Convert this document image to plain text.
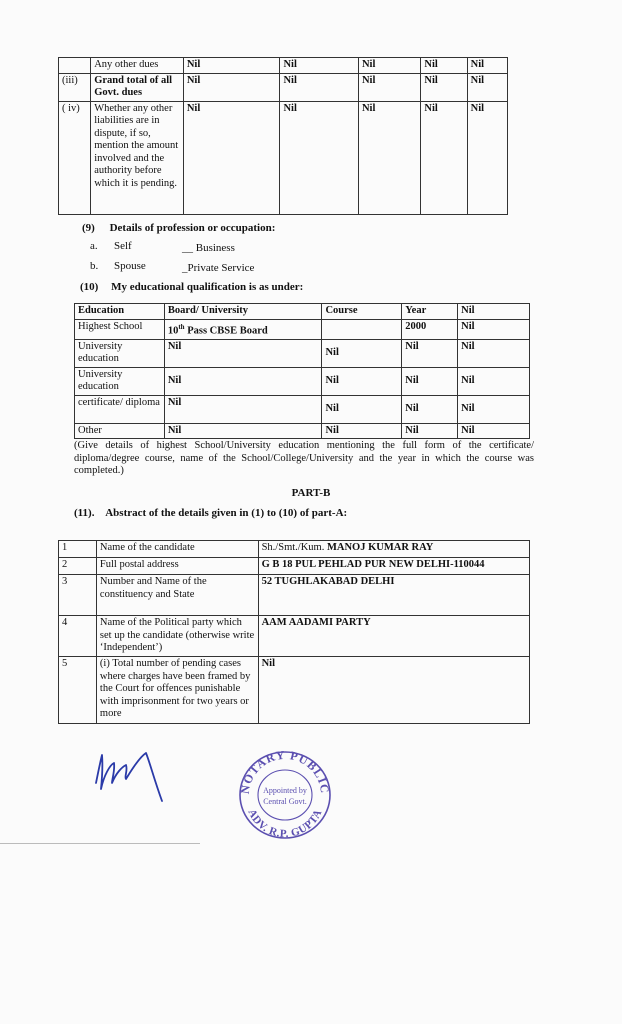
	Any other dues	Nil	Nil	Nil	Nil	Nil
(iii)	Grand total of all Govt. dues	Nil	Nil	Nil	Nil	Nil
( iv)	Whether any other liabilities are in dispute, if so, mention the amount involved and the authority before which it is pending.	Nil	Nil	Nil	Nil	Nil
(9) Details of profession or occupation:
a. Self	__ Business
b. Spouse	_Private Service
(10) My educational qualification is as under:
Education	Board/ University	Course	Year	Nil
Highest School	10th Pass CBSE Board		2000	Nil
University education	Nil	Nil	Nil	Nil
University education	Nil	Nil	Nil	Nil
certificate/ diploma	Nil	Nil	Nil	Nil
Other	Nil	Nil	Nil	Nil
(Give details of highest School/University education mentioning the full form of the certificate/ diploma/degree course, name of the School/College/University and the year in which the course was completed.)
PART-B
(11). Abstract of the details given in (1) to (10) of part-A:
1	Name of the candidate	Sh./Smt./Kum. MANOJ KUMAR RAY
2	Full postal address	G B 18 PUL PEHLAD PUR NEW DELHI-110044
3	Number and Name of the constituency and State	52 TUGHLAKABAD DELHI
4	Name of the Political party which set up the candidate (otherwise write ‘Independent’)	AAM AADAMI PARTY
5	(i) Total number of pending cases where charges have been framed by the Court for offences punishable with imprisonment for two years or more	Nil
NOTARY PUBLIC
ADV. R.P. GUPTA
Appointed by
Central Govt.
